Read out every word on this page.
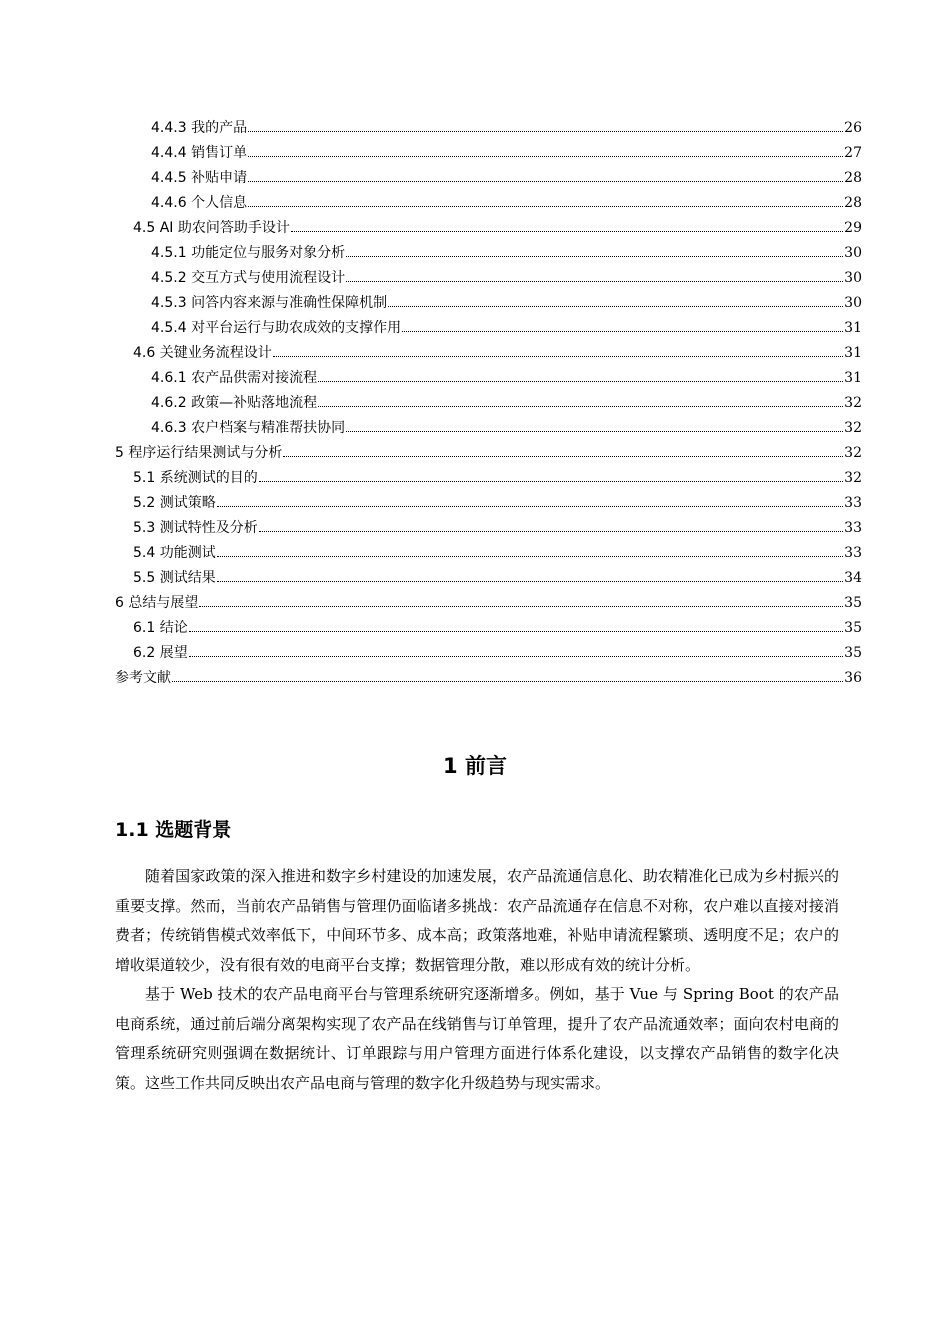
4.4.3 我的产品	26
4.4.4 销售订单	27
4.4.5 补贴申请	28
4.4.6 个人信息	28
4.5 AI 助农问答助手设计	29
4.5.1 功能定位与服务对象分析	30
4.5.2 交互方式与使用流程设计	30
4.5.3 问答内容来源与准确性保障机制	30
4.5.4 对平台运行与助农成效的支撑作用	31
4.6 关键业务流程设计	31
4.6.1 农产品供需对接流程	31
4.6.2 政策—补贴落地流程	32
4.6.3 农户档案与精准帮扶协同	32
5 程序运行结果测试与分析	32
5.1 系统测试的目的	32
5.2 测试策略	33
5.3 测试特性及分析	33
5.4 功能测试	33
5.5 测试结果	34
6 总结与展望	35
6.1 结论	35
6.2 展望	35
参考文献	36
1 前言
1.1 选题背景

随着国家政策的深入推进和数字乡村建设的加速发展，农产品流通信息化、助农精准化已成为乡村振兴的重要支撑。然而，当前农产品销售与管理仍面临诸多挑战：农产品流通存在信息不对称，农户难以直接对接消费者；传统销售模式效率低下，中间环节多、成本高；政策落地难，补贴申请流程繁琐、透明度不足；农户的增收渠道较少，没有很有效的电商平台支撑；数据管理分散，难以形成有效的统计分析。

基于 Web 技术的农产品电商平台与管理系统研究逐渐增多。例如，基于 Vue 与 Spring Boot 的农产品电商系统，通过前后端分离架构实现了农产品在线销售与订单管理，提升了农产品流通效率；面向农村电商的管理系统研究则强调在数据统计、订单跟踪与用户管理方面进行体系化建设，以支撑农产品销售的数字化决策。这些工作共同反映出农产品电商与管理的数字化升级趋势与现实需求。
